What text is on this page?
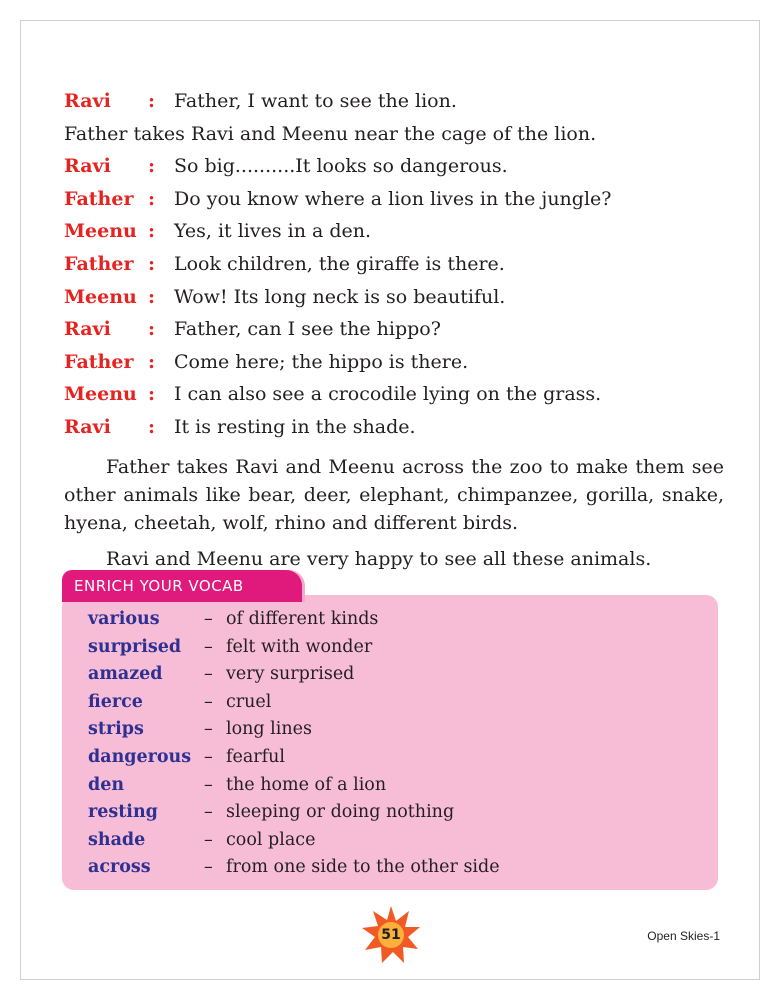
Ravi	: Father, I want to see the lion.
Father takes Ravi and Meenu near the cage of the lion.
Ravi	: So big..........It looks so dangerous.
Father : Do you know where a lion lives in the jungle?
Meenu : Yes, it lives in a den.
Father : Look children, the giraffe is there.
Meenu : Wow! Its long neck is so beautiful.
Ravi	: Father, can I see the hippo?
Father : Come here; the hippo is there.
Meenu : I can also see a crocodile lying on the grass.
Ravi	: It is resting in the shade.
Father takes Ravi and Meenu across the zoo to make them see other animals like bear, deer, elephant, chimpanzee, gorilla, snake, hyena, cheetah, wolf, rhino and different birds.
Ravi and Meenu are very happy to see all these animals.
ENRICH YOUR VOCAB
various	– of different kinds
surprised	– felt with wonder
amazed	– very surprised
fierce	– cruel
strips	– long lines
dangerous – fearful
den	– the home of a lion
resting	– sleeping or doing nothing
shade	– cool place
across	– from one side to the other side
51	Open Skies-1
